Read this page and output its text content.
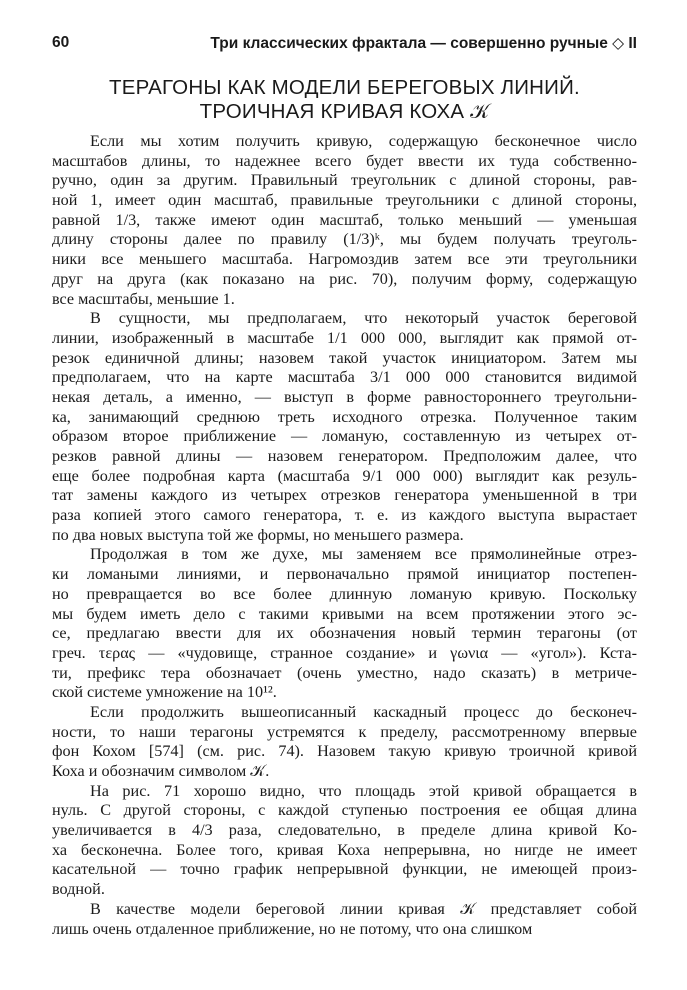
60	Три классических фрактала — совершенно ручные ◇ II
ТЕРАГОНЫ КАК МОДЕЛИ БЕРЕГОВЫХ ЛИНИЙ.
ТРОИЧНАЯ КРИВАЯ КОХА 𝒦
Если мы хотим получить кривую, содержащую бесконечное число
масштабов длины, то надежнее всего будет ввести их туда собственно-
ручно, один за другим. Правильный треугольник с длиной стороны, рав-
ной 1, имеет один масштаб, правильные треугольники с длиной стороны,
равной 1/3, также имеют один масштаб, только меньший — уменьшая
длину стороны далее по правилу (1/3)ᵏ, мы будем получать треуголь-
ники все меньшего масштаба. Нагромоздив затем все эти треугольники
друг на друга (как показано на рис. 70), получим форму, содержащую
все масштабы, меньшие 1.
В сущности, мы предполагаем, что некоторый участок береговой
линии, изображенный в масштабе 1/1 000 000, выглядит как прямой от-
резок единичной длины; назовем такой участок инициатором. Затем мы
предполагаем, что на карте масштаба 3/1 000 000 становится видимой
некая деталь, а именно, — выступ в форме равностороннего треугольни-
ка, занимающий среднюю треть исходного отрезка. Полученное таким
образом второе приближение — ломаную, составленную из четырех от-
резков равной длины — назовем генератором. Предположим далее, что
еще более подробная карта (масштаба 9/1 000 000) выглядит как резуль-
тат замены каждого из четырех отрезков генератора уменьшенной в три
раза копией этого самого генератора, т. е. из каждого выступа вырастает
по два новых выступа той же формы, но меньшего размера.
Продолжая в том же духе, мы заменяем все прямолинейные отрез-
ки ломаными линиями, и первоначально прямой инициатор постепен-
но превращается во все более длинную ломаную кривую. Поскольку
мы будем иметь дело с такими кривыми на всем протяжении этого эс-
се, предлагаю ввести для их обозначения новый термин терагоны (от
греч. τερας — «чудовище, странное создание» и γωνια — «угол»). Кста-
ти, префикс тера обозначает (очень уместно, надо сказать) в метриче-
ской системе умножение на 10¹².
Если продолжить вышеописанный каскадный процесс до бесконеч-
ности, то наши терагоны устремятся к пределу, рассмотренному впервые
фон Кохом [574] (см. рис. 74). Назовем такую кривую троичной кривой
Коха и обозначим символом 𝒦.
На рис. 71 хорошо видно, что площадь этой кривой обращается в
нуль. С другой стороны, с каждой ступенью построения ее общая длина
увеличивается в 4/3 раза, следовательно, в пределе длина кривой Ко-
ха бесконечна. Более того, кривая Коха непрерывна, но нигде не имеет
касательной — точно график непрерывной функции, не имеющей произ-
водной.
В качестве модели береговой линии кривая 𝒦 представляет собой
лишь очень отдаленное приближение, но не потому, что она слишком
